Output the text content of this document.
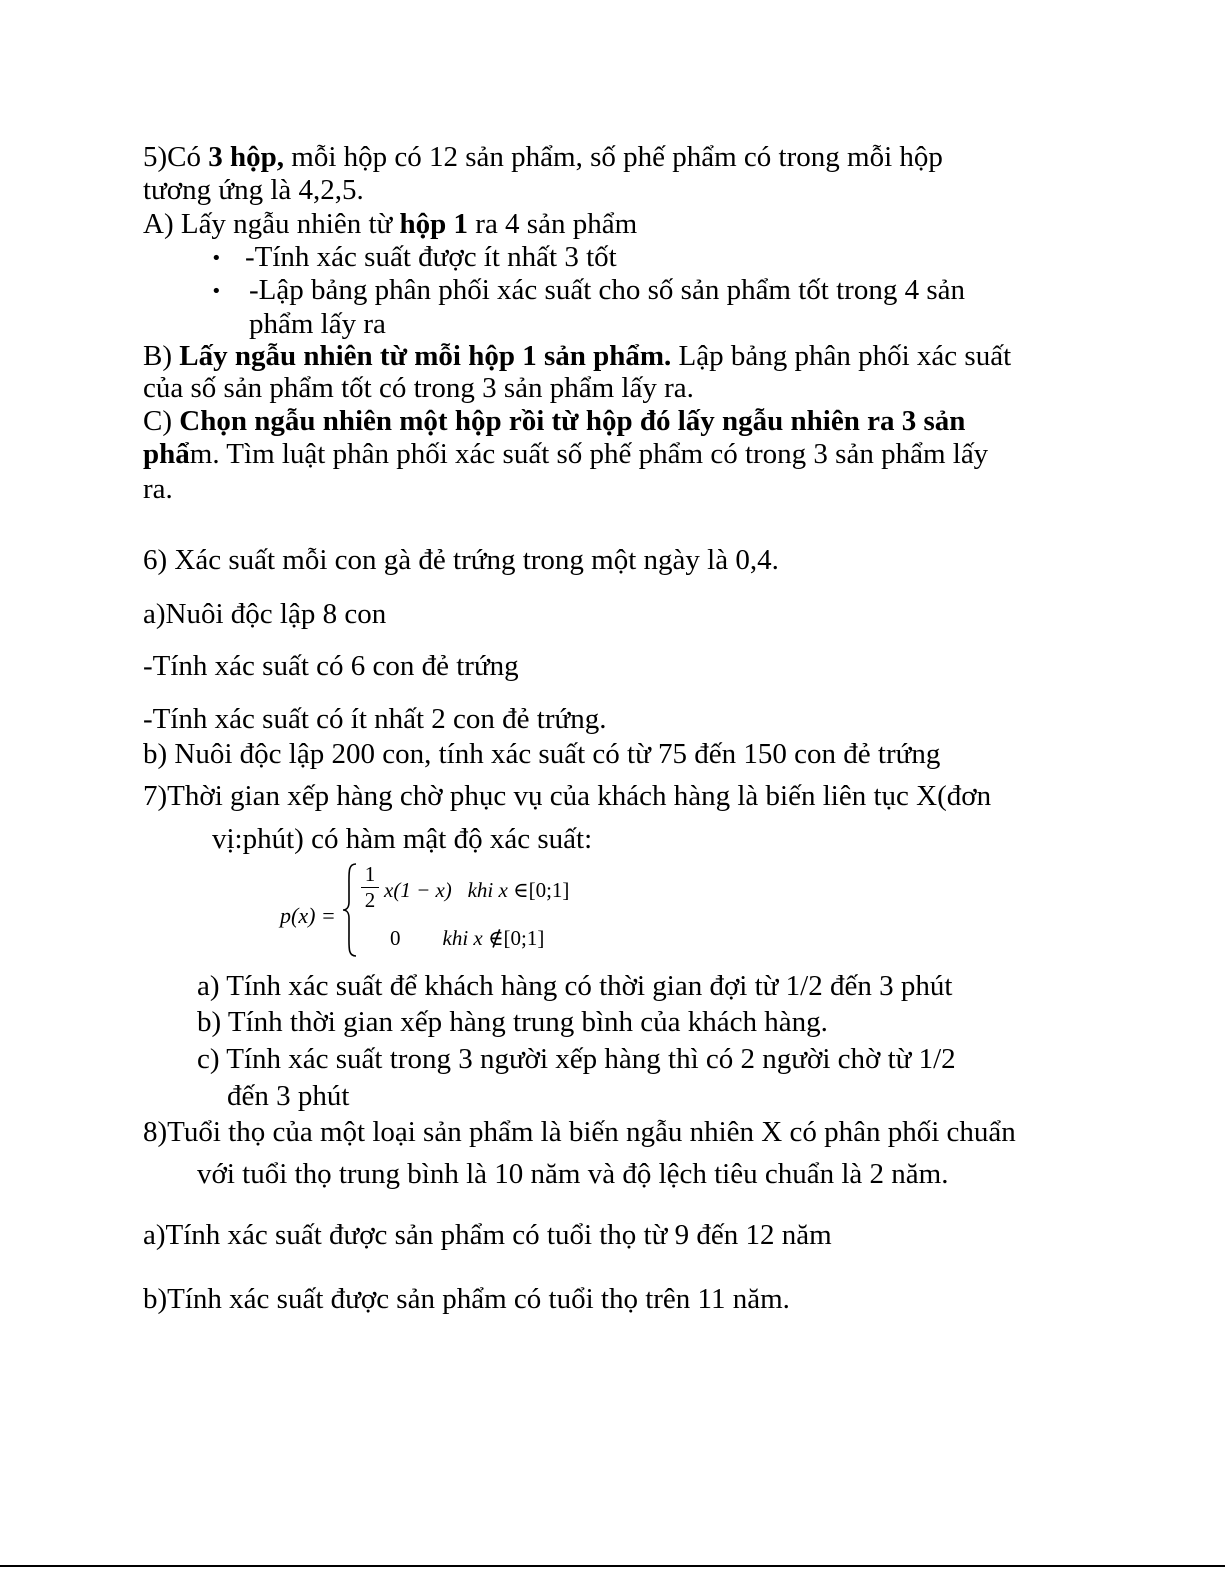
5)Có 3 hộp, mỗi hộp có 12 sản phẩm, số phế phẩm có trong mỗi hộp
tương ứng là 4,2,5.
A) Lấy ngẫu nhiên từ hộp 1 ra 4 sản phẩm
• -Tính xác suất được ít nhất 3 tốt
• -Lập bảng phân phối xác suất cho số sản phẩm tốt trong 4 sản
phẩm lấy ra
B) Lấy ngẫu nhiên từ mỗi hộp 1 sản phẩm. Lập bảng phân phối xác suất
của số sản phẩm tốt có trong 3 sản phẩm lấy ra.
C) Chọn ngẫu nhiên một hộp rồi từ hộp đó lấy ngẫu nhiên ra 3 sản
phẩm. Tìm luật phân phối xác suất số phế phẩm có trong 3 sản phẩm lấy
ra.
6) Xác suất mỗi con gà đẻ trứng trong một ngày là 0,4.
a)Nuôi độc lập 8 con
-Tính xác suất có 6 con đẻ trứng
-Tính xác suất có ít nhất 2 con đẻ trứng.
b) Nuôi độc lập 200 con, tính xác suất có từ 75 đến 150 con đẻ trứng
7)Thời gian xếp hàng chờ phục vụ của khách hàng là biến liên tục X(đơn
vị:phút) có hàm mật độ xác suất:
p(x) =
1
2 x(1 − x) khi x ∈[0;1]
0 khi x ∉[0;1]
a) Tính xác suất để khách hàng có thời gian đợi từ 1/2 đến 3 phút
b) Tính thời gian xếp hàng trung bình của khách hàng.
c) Tính xác suất trong 3 người xếp hàng thì có 2 người chờ từ 1/2
đến 3 phút
8)Tuổi thọ của một loại sản phẩm là biến ngẫu nhiên X có phân phối chuẩn
với tuổi thọ trung bình là 10 năm và độ lệch tiêu chuẩn là 2 năm.
a)Tính xác suất được sản phẩm có tuổi thọ từ 9 đến 12 năm
b)Tính xác suất được sản phẩm có tuổi thọ trên 11 năm.
